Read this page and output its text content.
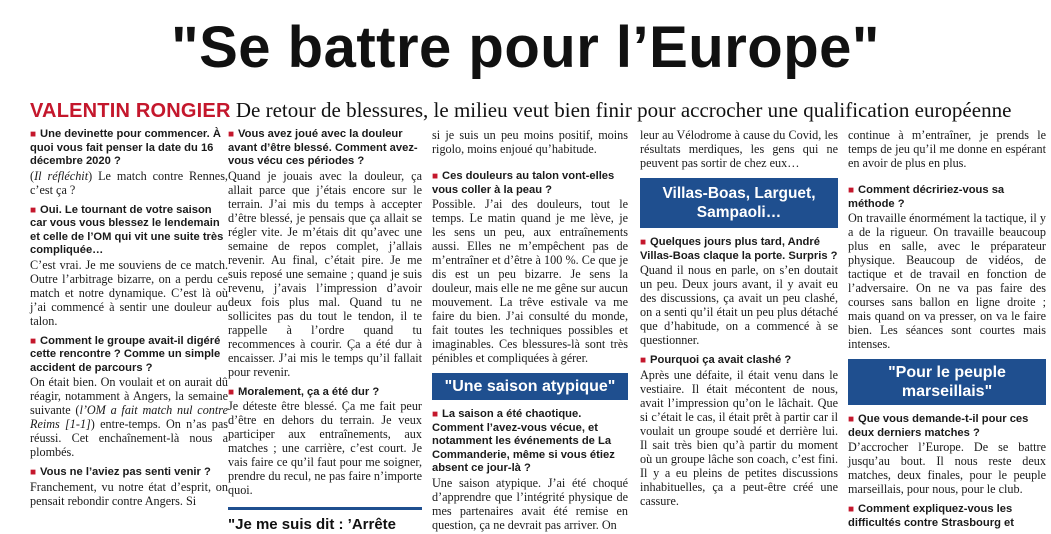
"Se battre pour l’Europe"
VALENTIN RONGIER De retour de blessures, le milieu veut bien finir pour accrocher une qualification européenne
■ Une devinette pour commencer. À quoi vous fait penser la date du 16 décembre 2020 ?
(Il réfléchit) Le match contre Rennes, c’est ça ?
■ Oui. Le tournant de votre saison car vous vous blessez le lendemain et celle de l’OM qui vit une suite très compliquée…
C’est vrai. Je me souviens de ce match. Outre l’arbitrage bizarre, on a perdu ce match et notre dynamique. C’est là où j’ai commencé à sentir une douleur au talon.
■ Comment le groupe avait-il digéré cette rencontre ? Comme un simple accident de parcours ?
On était bien. On voulait et on aurait dû réagir, notamment à Angers, la semaine suivante (l’OM a fait match nul contre Reims [1-1]) entre-temps. On n’as pas réussi. Cet enchaînement-là nous a plombés.
■ Vous ne l’aviez pas senti venir ?
Franchement, vu notre état d’esprit, on pensait rebondir contre Angers. Si
■ Vous avez joué avec la douleur avant d’être blessé. Comment avez-vous vécu ces périodes ?
Quand je jouais avec la douleur, ça allait parce que j’étais encore sur le terrain. J’ai mis du temps à accepter d’être blessé, je pensais que ça allait se régler vite. Je m’étais dit qu’avec une semaine de repos complet, j’allais revenir. Au final, c’était pire. Je me suis reposé une semaine ; quand je suis revenu, j’avais l’impression d’avoir deux fois plus mal. Quand tu ne sollicites pas du tout le tendon, il te rappelle à l’ordre quand tu recommences à courir. Ça a été dur à encaisser. J’ai mis le temps qu’il fallait pour revenir.
■ Moralement, ça a été dur ?
Je déteste être blessé. Ça me fait peur d’être en dehors du terrain. Je veux participer aux entraînements, aux matches ; une carrière, c’est court. Je vais faire ce qu’il faut pour me soigner, prendre du recul, ne pas faire n’importe quoi.
"Je me suis dit : ’Arrête
si je suis un peu moins positif, moins rigolo, moins enjoué qu’habitude.
■ Ces douleurs au talon vont-elles vous coller à la peau ?
Possible. J’ai des douleurs, tout le temps. Le matin quand je me lève, je les sens un peu, aux entraînements aussi. Elles ne m’empêchent pas de m’entraîner et d’être à 100 %. Ce que je dis est un peu bizarre. Je sens la douleur, mais elle ne me gêne sur aucun mouvement. La trêve estivale va me faire du bien. J’ai consulté du monde, fait toutes les techniques possibles et imaginables. Ces blessures-là sont très pénibles et compliquées à gérer.
"Une saison atypique"
■ La saison a été chaotique. Comment l’avez-vous vécue, et notamment les événements de La Commanderie, même si vous étiez absent ce jour-là ?
Une saison atypique. J’ai été choqué d’apprendre que l’intégrité physique de mes partenaires avait été remise en question, ça ne devrait pas arriver. On
leur au Vélodrome à cause du Covid, les résultats merdiques, les gens qui ne peuvent pas sortir de chez eux…
Villas-Boas, Larguet, Sampaoli…
■ Quelques jours plus tard, André Villas-Boas claque la porte. Surpris ?
Quand il nous en parle, on s’en doutait un peu. Deux jours avant, il y avait eu des discussions, ça avait un peu clashé, on a senti qu’il était un peu plus détaché que d’habitude, on a commencé à se questionner.
■ Pourquoi ça avait clashé ?
Après une défaite, il était venu dans le vestiaire. Il était mécontent de nous, avait l’impression qu’on le lâchait. Que si c’était le cas, il était prêt à partir car il voulait un groupe soudé et derrière lui. Il sait très bien qu’à partir du moment où un groupe lâche son coach, c’est fini. Il y a eu pleins de petites discussions inhabituelles, ça a peut-être créé une cassure.
continue à m’entraîner, je prends le temps de jeu qu’il me donne en espérant en avoir de plus en plus.
■ Comment décririez-vous sa méthode ?
On travaille énormément la tactique, il y a de la rigueur. On travaille beaucoup plus en salle, avec le préparateur physique. Beaucoup de vidéos, de tactique et de travail en fonction de l’adversaire. On ne va pas faire des courses sans ballon en ligne droite ; mais quand on va presser, on va le faire bien. Les séances sont courtes mais intenses.
"Pour le peuple marseillais"
■ Que vous demande-t-il pour ces deux derniers matches ?
D’accrocher l’Europe. De se battre jusqu’au bout. Il nous reste deux matches, deux finales, pour le peuple marseillais, pour nous, pour le club.
■ Comment expliquez-vous les difficultés contre Strasbourg et
